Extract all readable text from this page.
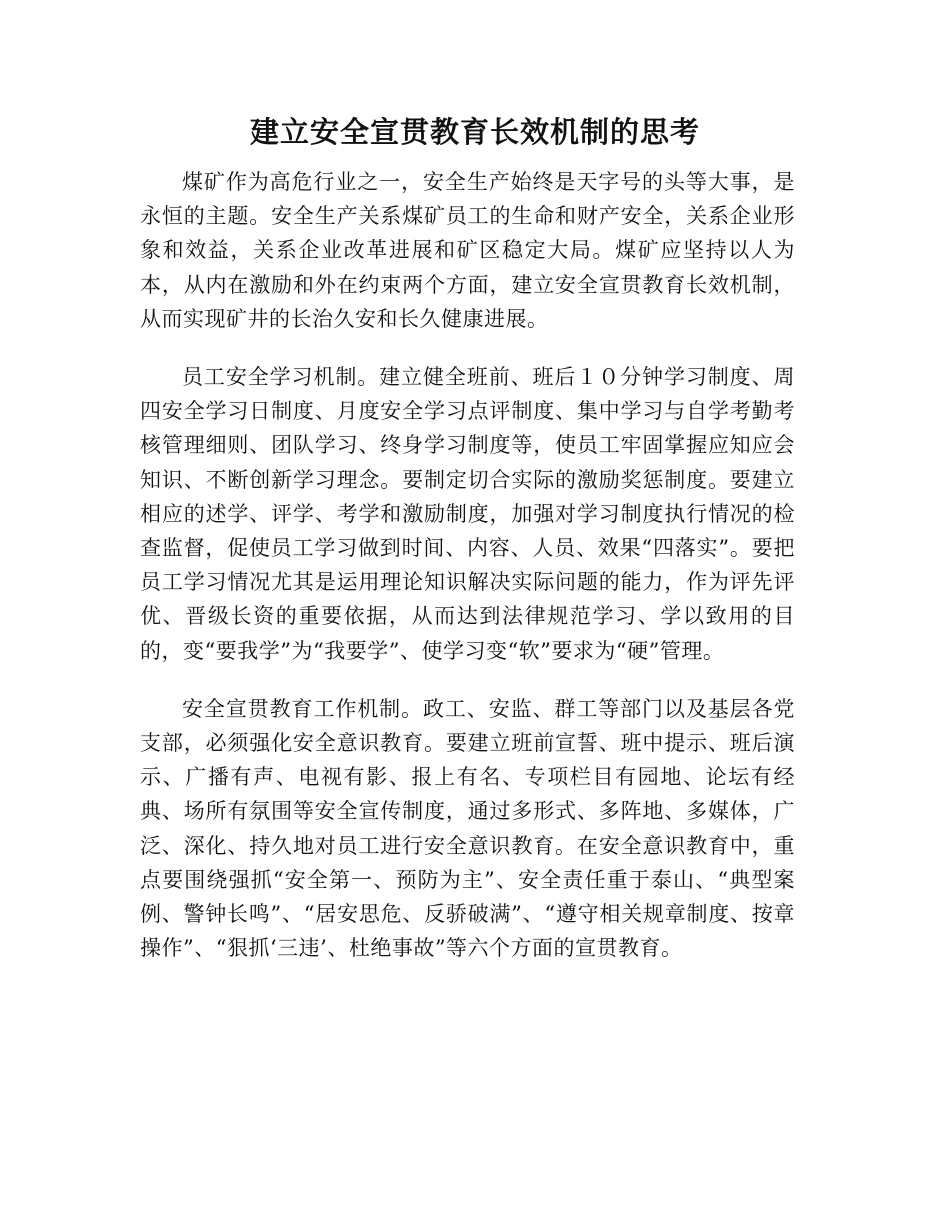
建立安全宣贯教育长效机制的思考

煤矿作为高危行业之一，安全生产始终是天字号的头等大事，是永恒的主题。安全生产关系煤矿员工的生命和财产安全，关系企业形象和效益，关系企业改革进展和矿区稳定大局。煤矿应坚持以人为本，从内在激励和外在约束两个方面，建立安全宣贯教育长效机制，从而实现矿井的长治久安和长久健康进展。

员工安全学习机制。建立健全班前、班后１０分钟学习制度、周四安全学习日制度、月度安全学习点评制度、集中学习与自学考勤考核管理细则、团队学习、终身学习制度等，使员工牢固掌握应知应会知识、不断创新学习理念。要制定切合实际的激励奖惩制度。要建立相应的述学、评学、考学和激励制度，加强对学习制度执行情况的检查监督，促使员工学习做到时间、内容、人员、效果“四落实”。要把员工学习情况尤其是运用理论知识解决实际问题的能力，作为评先评优、晋级长资的重要依据，从而达到法律规范学习、学以致用的目的，变“要我学”为“我要学”、使学习变“软”要求为“硬”管理。

安全宣贯教育工作机制。政工、安监、群工等部门以及基层各党支部，必须强化安全意识教育。要建立班前宣誓、班中提示、班后演示、广播有声、电视有影、报上有名、专项栏目有园地、论坛有经典、场所有氛围等安全宣传制度，通过多形式、多阵地、多媒体，广泛、深化、持久地对员工进行安全意识教育。在安全意识教育中，重点要围绕强抓“安全第一、预防为主”、安全责任重于泰山、“典型案例、警钟长鸣”、“居安思危、反骄破满”、“遵守相关规章制度、按章操作”、“狠抓‘三违’、杜绝事故”等六个方面的宣贯教育。
